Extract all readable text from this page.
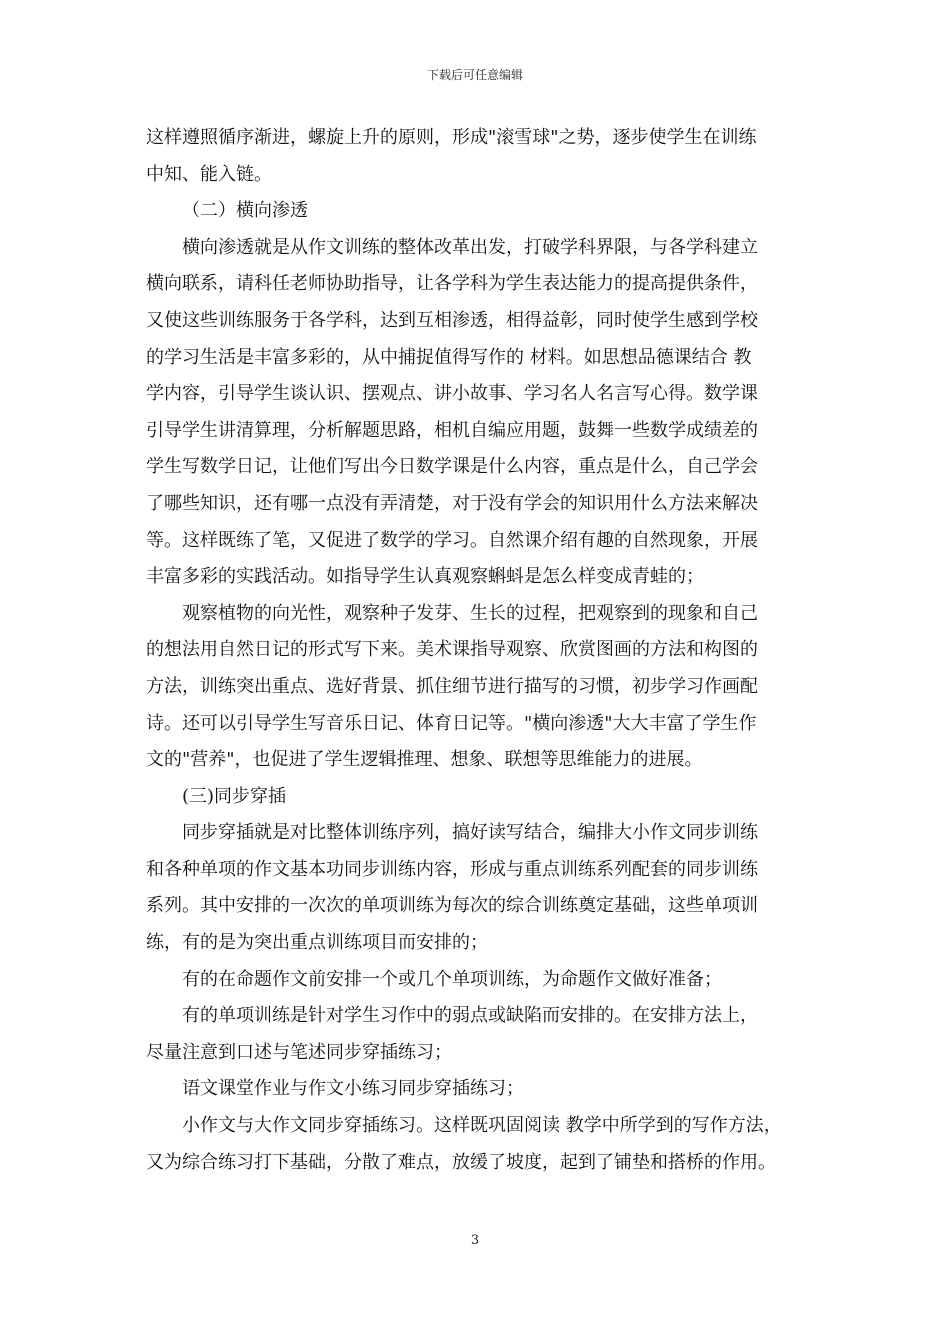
下载后可任意编辑
这样遵照循序渐进，螺旋上升的原则，形成"滚雪球"之势，逐步使学生在训练
中知、能入链。
（二）横向渗透
横向渗透就是从作文训练的整体改革出发，打破学科界限，与各学科建立
横向联系，请科任老师协助指导，让各学科为学生表达能力的提高提供条件，
又使这些训练服务于各学科，达到互相渗透，相得益彰，同时使学生感到学校
的学习生活是丰富多彩的，从中捕捉值得写作的 材料。如思想品德课结合 教
学内容，引导学生谈认识、摆观点、讲小故事、学习名人名言写心得。数学课
引导学生讲清算理，分析解题思路，相机自编应用题，鼓舞一些数学成绩差的
学生写数学日记，让他们写出今日数学课是什么内容，重点是什么，自己学会
了哪些知识，还有哪一点没有弄清楚，对于没有学会的知识用什么方法来解决
等。这样既练了笔，又促进了数学的学习。自然课介绍有趣的自然现象，开展
丰富多彩的实践活动。如指导学生认真观察蝌蚪是怎么样变成青蛙的；
观察植物的向光性，观察种子发芽、生长的过程，把观察到的现象和自己
的想法用自然日记的形式写下来。美术课指导观察、欣赏图画的方法和构图的
方法，训练突出重点、选好背景、抓住细节进行描写的习惯，初步学习作画配
诗。还可以引导学生写音乐日记、体育日记等。"横向渗透"大大丰富了学生作
文的"营养"，也促进了学生逻辑推理、想象、联想等思维能力的进展。
(三)同步穿插
同步穿插就是对比整体训练序列，搞好读写结合，编排大小作文同步训练
和各种单项的作文基本功同步训练内容，形成与重点训练系列配套的同步训练
系列。其中安排的一次次的单项训练为每次的综合训练奠定基础，这些单项训
练，有的是为突出重点训练项目而安排的；
有的在命题作文前安排一个或几个单项训练，为命题作文做好准备；
有的单项训练是针对学生习作中的弱点或缺陷而安排的。在安排方法上，
尽量注意到口述与笔述同步穿插练习；
语文课堂作业与作文小练习同步穿插练习；
小作文与大作文同步穿插练习。这样既巩固阅读 教学中所学到的写作方法，
又为综合练习打下基础，分散了难点，放缓了坡度，起到了铺垫和搭桥的作用。
3
